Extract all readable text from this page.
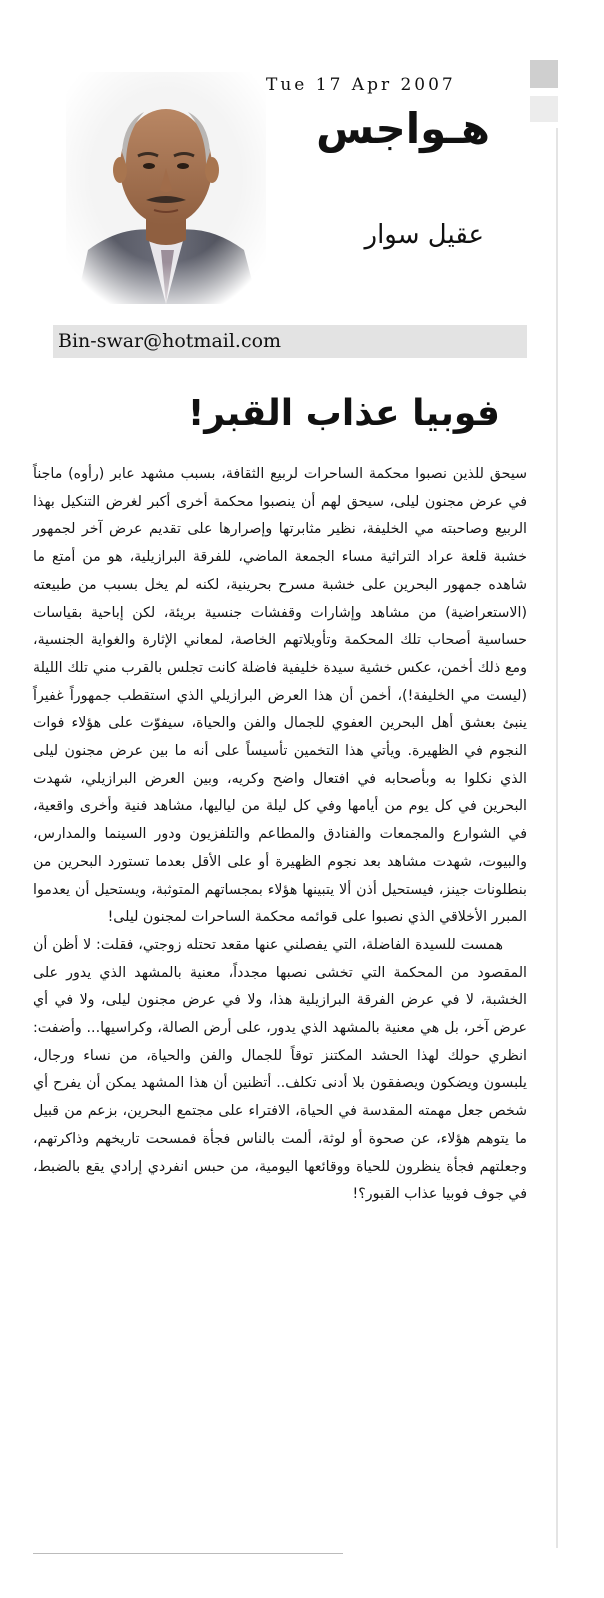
Tue 17 Apr 2007
هـواجس
عقيل سوار
Bin-swar@hotmail.com
فوبيا عذاب القبر!

سيحق للذين نصبوا محكمة الساحرات لربيع الثقافة، بسبب مشهد عابر (رأوه) ماجناً في عرض مجنون ليلى، سيحق لهم أن ينصبوا محكمة أخرى أكبر لغرض التنكيل بهذا الربيع وصاحبته مي الخليفة، نظير مثابرتها وإصرارها على تقديم عرض آخر لجمهور خشبة قلعة عراد التراثية مساء الجمعة الماضي، للفرقة البرازيلية، هو من أمتع ما شاهده جمهور البحرين على خشبة مسرح بحرينية، لكنه لم يخل بسبب من طبيعته (الاستعراضية) من مشاهد وإشارات وقفشات جنسية بريئة، لكن إباحية بقياسات حساسية أصحاب تلك المحكمة وتأويلاتهم الخاصة، لمعاني الإثارة والغواية الجنسية، ومع ذلك أخمن، عكس خشية سيدة خليفية فاضلة كانت تجلس بالقرب مني تلك الليلة (ليست مي الخليفة!)، أخمن أن هذا العرض البرازيلي الذي استقطب جمهوراً غفيراً ينبئ بعشق أهل البحرين العفوي للجمال والفن والحياة، سيفوّت على هؤلاء فوات النجوم في الظهيرة. ويأتي هذا التخمين تأسيساً على أنه ما بين عرض مجنون ليلى الذي نكلوا به وبأصحابه في افتعال واضح وكريه، وبين العرض البرازيلي، شهدت البحرين في كل يوم من أيامها وفي كل ليلة من لياليها، مشاهد فنية وأخرى واقعية، في الشوارع والمجمعات والفنادق والمطاعم والتلفزيون ودور السينما والمدارس، والبيوت، شهدت مشاهد بعد نجوم الظهيرة أو على الأقل بعدما تستورد البحرين من بنطلونات جينز، فيستحيل أذن ألا يتبينها هؤلاء بمجساتهم المتوثبة، ويستحيل أن يعدموا المبرر الأخلاقي الذي نصبوا على قوائمه محكمة الساحرات لمجنون ليلى!

همست للسيدة الفاضلة، التي يفصلني عنها مقعد تحتله زوجتي، فقلت: لا أظن أن المقصود من المحكمة التي تخشى نصبها مجدداً، معنية بالمشهد الذي يدور على الخشبة، لا في عرض الفرقة البرازيلية هذا، ولا في عرض مجنون ليلى، ولا في أي عرض آخر، بل هي معنية بالمشهد الذي يدور، على أرض الصالة، وكراسيها... وأضفت: انظري حولك لهذا الحشد المكتنز توقاً للجمال والفن والحياة، من نساء ورجال، يلبسون ويضكون ويصفقون بلا أدنى تكلف.. أتظنين أن هذا المشهد يمكن أن يفرح أي شخص جعل مهمته المقدسة في الحياة، الافتراء على مجتمع البحرين، بزعم من قبيل ما يتوهم هؤلاء، عن صحوة أو لوثة، ألمت بالناس فجأة فمسحت تاريخهم وذاكرتهم، وجعلتهم فجأة ينظرون للحياة ووقائعها اليومية، من حبس انفردي إرادي يقع بالضبط، في جوف فوبيا عذاب القبور؟!
